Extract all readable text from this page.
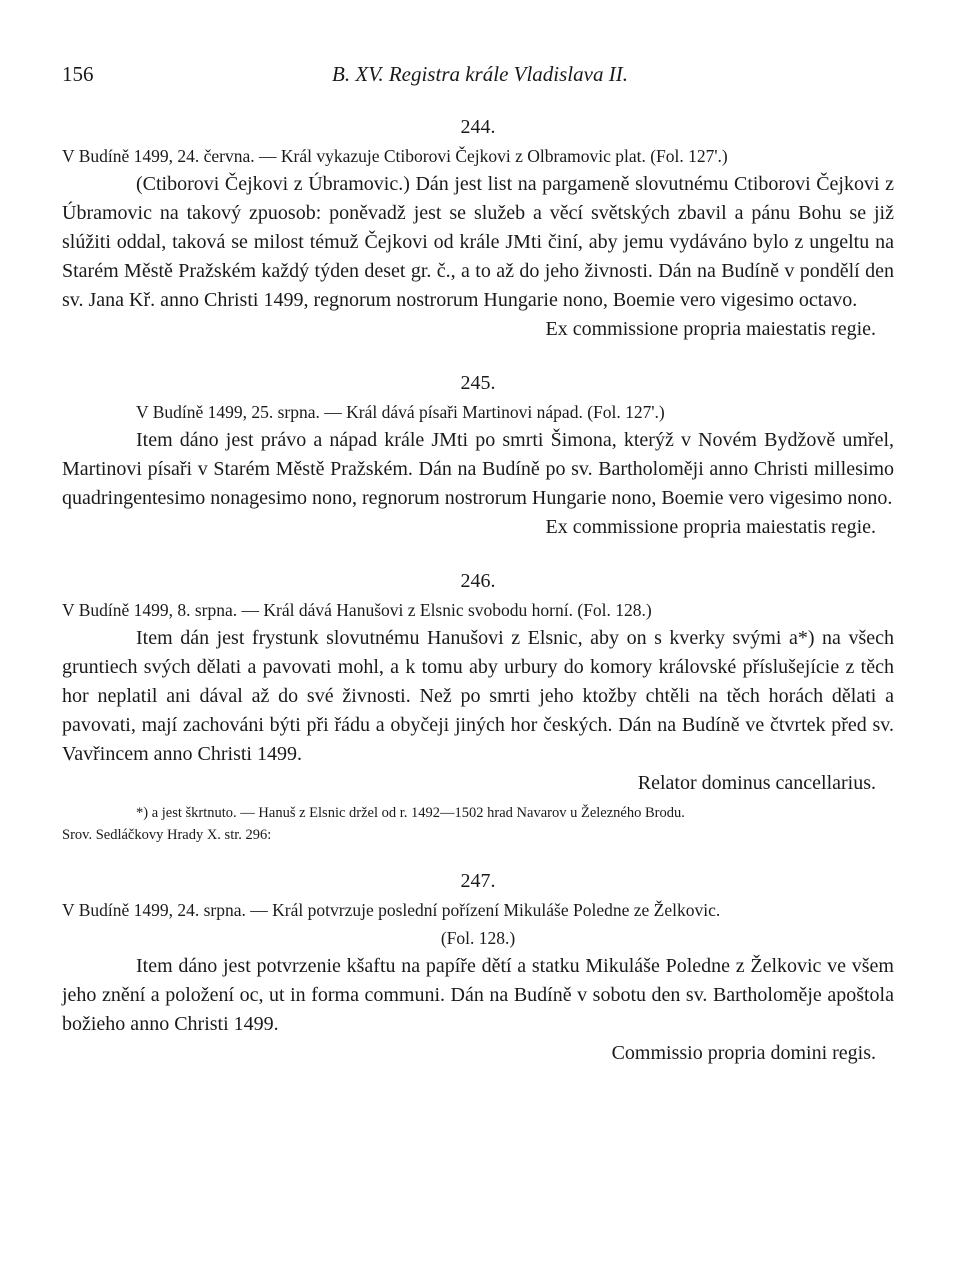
156	B. XV. Registra krále Vladislava II.
244.
V Budíně 1499, 24. června. — Král vykazuje Ctiborovi Čejkovi z Olbramovic plat. (Fol. 127'.)

(Ctiborovi Čejkovi z Úbramovic.) Dán jest list na pargameně slovutnému Ctiborovi Čejkovi z Úbramovic na takový zpuosob: poněvadž jest se služeb a věcí světských zbavil a pánu Bohu se již slúžiti oddal, taková se milost témuž Čejkovi od krále JMti činí, aby jemu vydáváno bylo z ungeltu na Starém Městě Pražském každý týden deset gr. č., a to až do jeho živnosti. Dán na Budíně v pondělí den sv. Jana Kř. anno Christi 1499, regnorum nostrorum Hungarie nono, Boemie vero vigesimo octavo.

Ex commissione propria maiestatis regie.

245.
V Budíně 1499, 25. srpna. — Král dává písaři Martinovi nápad. (Fol. 127'.)

Item dáno jest právo a nápad krále JMti po smrti Šimona, kterýž v Novém Bydžově umřel, Martinovi písaři v Starém Městě Pražském. Dán na Budíně po sv. Bartholoměji anno Christi millesimo quadringentesimo nonagesimo nono, regnorum nostrorum Hungarie nono, Boemie vero vigesimo nono.

Ex commissione propria maiestatis regie.

246.
V Budíně 1499, 8. srpna. — Král dává Hanušovi z Elsnic svobodu horní. (Fol. 128.)

Item dán jest frystunk slovutnému Hanušovi z Elsnic, aby on s kverky svými a*) na všech gruntiech svých dělati a pavovati mohl, a k tomu aby urbury do komory královské příslušejície z těch hor neplatil ani dával až do své živnosti. Než po smrti jeho ktožby chtěli na těch horách dělati a pavovati, mají zachováni býti při řádu a obyčeji jiných hor českých. Dán na Budíně ve čtvrtek před sv. Vavřincem anno Christi 1499.

Relator dominus cancellarius.

*) a jest škrtnuto. — Hanuš z Elsnic držel od r. 1492—1502 hrad Navarov u Železného Brodu.
Srov. Sedláčkovy Hrady X. str. 296:
247.
V Budíně 1499, 24. srpna. — Král potvrzuje poslední pořízení Mikuláše Poledne ze Želkovic.
(Fol. 128.)

Item dáno jest potvrzenie kšaftu na papíře dětí a statku Mikuláše Poledne z Želkovic ve všem jeho znění a položení oc, ut in forma communi. Dán na Budíně v sobotu den sv. Bartholoměje apoštola božieho anno Christi 1499.

Commissio propria domini regis.
